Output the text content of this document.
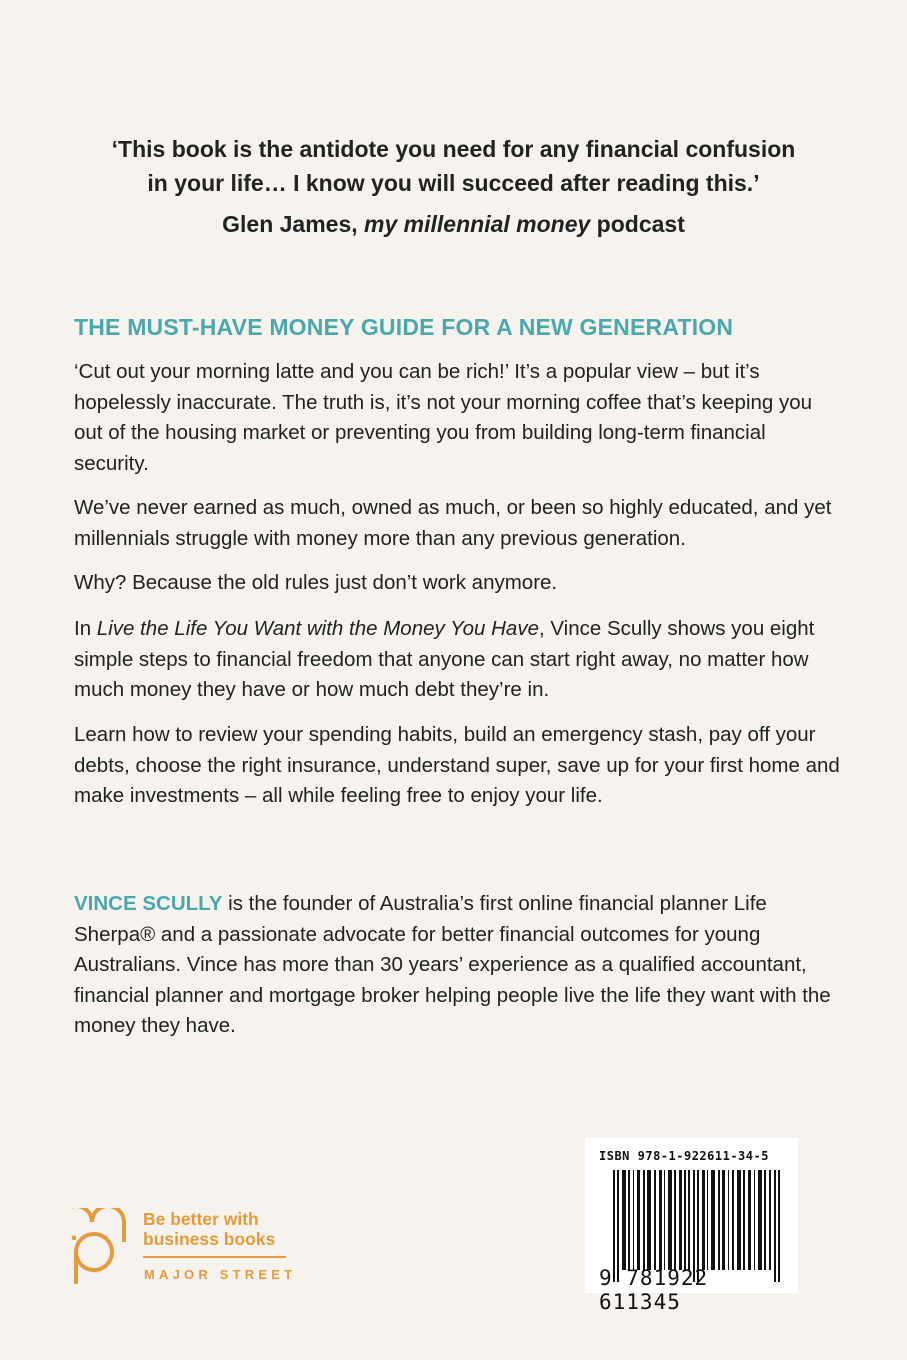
‘This book is the antidote you need for any financial confusion
in your life… I know you will succeed after reading this.’
Glen James, my millennial money podcast
THE MUST-HAVE MONEY GUIDE FOR A NEW GENERATION

‘Cut out your morning latte and you can be rich!’ It’s a popular view – but it’s hopelessly inaccurate. The truth is, it’s not your morning coffee that’s keeping you out of the housing market or preventing you from building long-term financial security.

We’ve never earned as much, owned as much, or been so highly educated, and yet millennials struggle with money more than any previous generation.

Why? Because the old rules just don’t work anymore.

In Live the Life You Want with the Money You Have, Vince Scully shows you eight simple steps to financial freedom that anyone can start right away, no matter how much money they have or how much debt they’re in.

Learn how to review your spending habits, build an emergency stash, pay off your debts, choose the right insurance, understand super, save up for your first home and make investments – all while feeling free to enjoy your life.

VINCE SCULLY is the founder of Australia’s first online financial planner Life Sherpa® and a passionate advocate for better financial outcomes for young Australians. Vince has more than 30 years’ experience as a qualified accountant, financial planner and mortgage broker helping people live the life they want with the money they have.

Be better with
business books
MAJOR STREET
ISBN 978-1-922611-34-5
9 781922 611345
